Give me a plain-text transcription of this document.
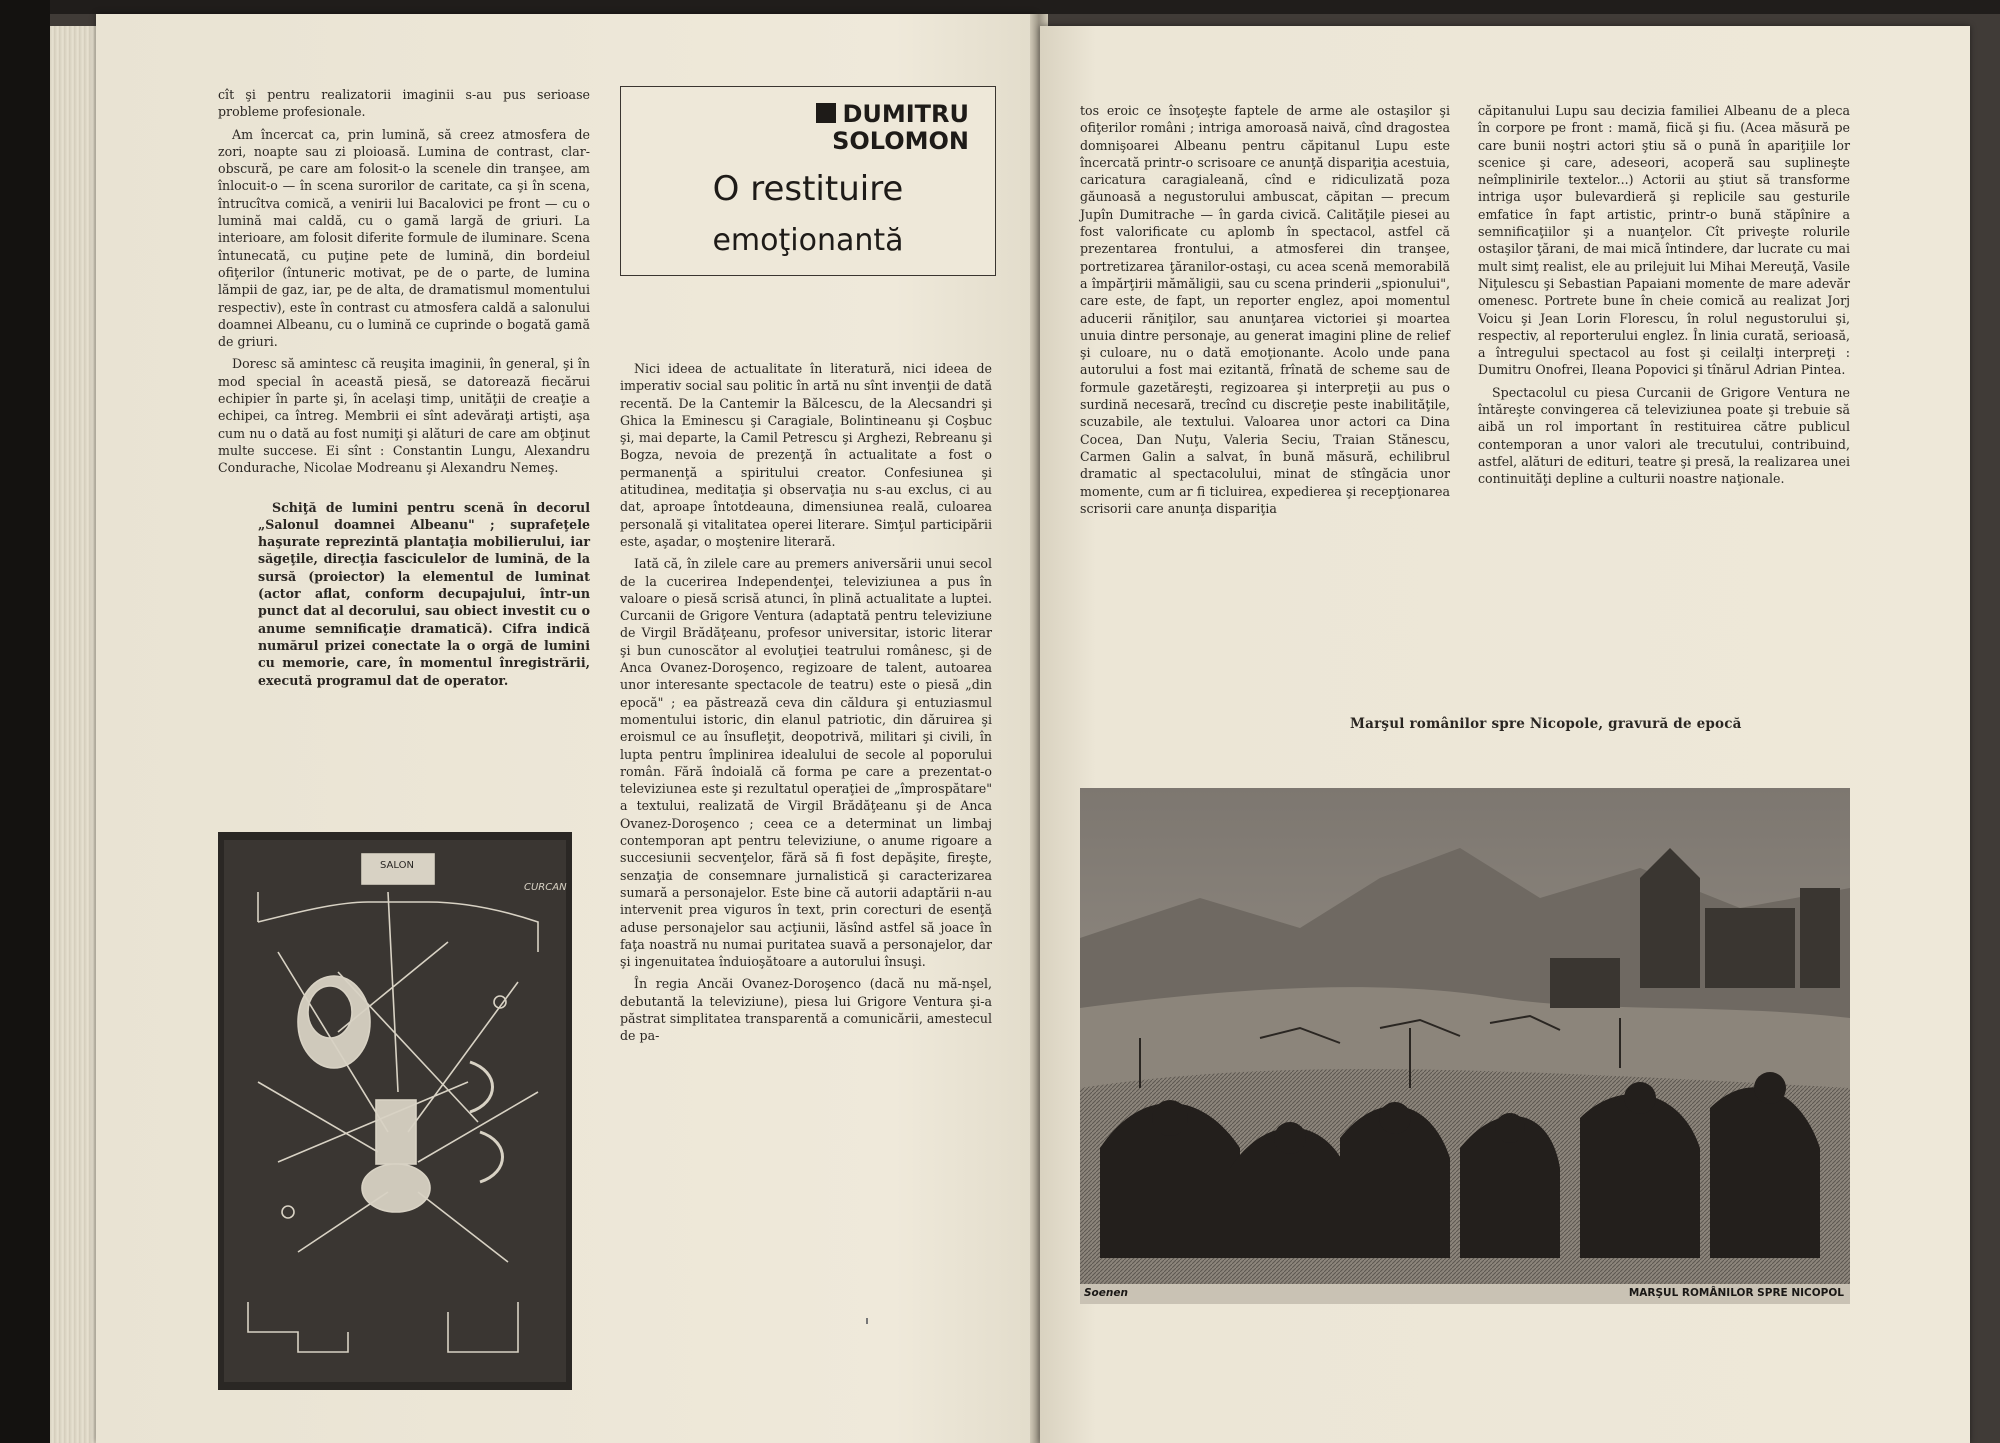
cît şi pentru realizatorii imaginii s-au pus serioase probleme profesionale.

Am încercat ca, prin lumină, să creez atmosfera de zori, noapte sau zi ploioasă. Lumina de contrast, clar-obscură, pe care am folosit-o la scenele din tranşee, am înlocuit-o — în scena surorilor de caritate, ca şi în scena, întrucîtva comică, a venirii lui Bacalovici pe front — cu o lumină mai caldă, cu o gamă largă de griuri. La interioare, am folosit diferite formule de iluminare. Scena întunecată, cu puţine pete de lumină, din bordeiul ofiţerilor (întuneric motivat, pe de o parte, de lumina lămpii de gaz, iar, pe de alta, de dramatismul momentului respectiv), este în contrast cu atmosfera caldă a salonului doamnei Albeanu, cu o lumină ce cuprinde o bogată gamă de griuri.

Doresc să amintesc că reuşita imaginii, în general, şi în mod special în această piesă, se datorează fiecărui echipier în parte şi, în acelaşi timp, unităţii de creaţie a echipei, ca întreg. Membrii ei sînt adevăraţi artişti, aşa cum nu o dată au fost numiţi şi alături de care am obţinut multe succese. Ei sînt : Constantin Lungu, Alexandru Condurache, Nicolae Modreanu şi Alexandru Nemeş.

Schiţă de lumini pentru scenă în decorul „Salonul doamnei Albeanu" ; suprafeţele haşurate reprezintă plantaţia mobilierului, iar săgeţile, direcţia fasciculelor de lumină, de la sursă (proiector) la elementul de luminat (actor aflat, conform decupajului, într-un punct dat al decorului, sau obiect investit cu o anume semnificaţie dramatică). Cifra indică numărul prizei conectate la o orgă de lumini cu memorie, care, în momentul înregistrării, execută programul dat de operator.
SALON
CURCAN
DUMITRU
SOLOMON
O restituire
emoţionantă

Nici ideea de actualitate în literatură, nici ideea de imperativ social sau politic în artă nu sînt invenţii de dată recentă. De la Cantemir la Bălcescu, de la Alecsandri şi Ghica la Eminescu şi Caragiale, Bolintineanu şi Coşbuc şi, mai departe, la Camil Petrescu şi Arghezi, Rebreanu şi Bogza, nevoia de prezenţă în actualitate a fost o permanenţă a spiritului creator. Confesiunea şi atitudinea, meditaţia şi observaţia nu s-au exclus, ci au dat, aproape întotdeauna, dimensiunea reală, culoarea personală şi vitalitatea operei literare. Simţul participării este, aşadar, o moştenire literară.

Iată că, în zilele care au premers aniversării unui secol de la cucerirea Independenţei, televiziunea a pus în valoare o piesă scrisă atunci, în plină actualitate a luptei. Curcanii de Grigore Ventura (adaptată pentru televiziune de Virgil Brădăţeanu, profesor universitar, istoric literar şi bun cunoscător al evoluţiei teatrului românesc, şi de Anca Ovanez-Doroşenco, regizoare de talent, autoarea unor interesante spectacole de teatru) este o piesă „din epocă" ; ea păstrează ceva din căldura şi entuziasmul momentului istoric, din elanul patriotic, din dăruirea şi eroismul ce au însufleţit, deopotrivă, militari şi civili, în lupta pentru împlinirea idealului de secole al poporului român. Fără îndoială că forma pe care a prezentat-o televiziunea este şi rezultatul operaţiei de „împrospătare" a textului, realizată de Virgil Brădăţeanu şi de Anca Ovanez-Doroşenco ; ceea ce a determinat un limbaj contemporan apt pentru televiziune, o anume rigoare a succesiunii secvenţelor, fără să fi fost depăşite, fireşte, senzaţia de consemnare jurnalistică şi caracterizarea sumară a personajelor. Este bine că autorii adaptării n-au intervenit prea viguros în text, prin corecturi de esenţă aduse personajelor sau acţiunii, lăsînd astfel să joace în faţa noastră nu numai puritatea suavă a personajelor, dar şi ingenuitatea înduioşătoare a autorului însuşi.

În regia Ancăi Ovanez-Doroşenco (dacă nu mă-nşel, debutantă la televiziune), piesa lui Grigore Ventura şi-a păstrat simplitatea transparentă a comunicării, amestecul de pa-

tos eroic ce însoţeşte faptele de arme ale ostaşilor şi ofiţerilor români ; intriga amoroasă naivă, cînd dragostea domnişoarei Albeanu pentru căpitanul Lupu este încercată printr-o scrisoare ce anunţă dispariţia acestuia, caricatura caragialeană, cînd e ridiculizată poza găunoasă a negustorului ambuscat, căpitan — precum Jupîn Dumitrache — în garda civică. Calităţile piesei au fost valorificate cu aplomb în spectacol, astfel că prezentarea frontului, a atmosferei din tranşee, portretizarea ţăranilor-ostaşi, cu acea scenă memorabilă a împărţirii mămăligii, sau cu scena prinderii „spionului", care este, de fapt, un reporter englez, apoi momentul aducerii răniţilor, sau anunţarea victoriei şi moartea unuia dintre personaje, au generat imagini pline de relief şi culoare, nu o dată emoţionante. Acolo unde pana autorului a fost mai ezitantă, frînată de scheme sau de formule gazetăreşti, regizoarea şi interpreţii au pus o surdină necesară, trecînd cu discreţie peste inabilităţile, scuzabile, ale textului. Valoarea unor actori ca Dina Cocea, Dan Nuţu, Valeria Seciu, Traian Stănescu, Carmen Galin a salvat, în bună măsură, echilibrul dramatic al spectacolului, minat de stîngăcia unor momente, cum ar fi ticluirea, expedierea şi recepţionarea scrisorii care anunţa dispariţia

căpitanului Lupu sau decizia familiei Albeanu de a pleca în corpore pe front : mamă, fiică şi fiu. (Acea măsură pe care bunii noştri actori ştiu să o pună în apariţiile lor scenice şi care, adeseori, acoperă sau suplineşte neîmplinirile textelor...) Actorii au ştiut să transforme intriga uşor bulevardieră şi replicile sau gesturile emfatice în fapt artistic, printr-o bună stăpînire a semnificaţiilor şi a nuanţelor. Cît priveşte rolurile ostaşilor ţărani, de mai mică întindere, dar lucrate cu mai mult simţ realist, ele au prilejuit lui Mihai Mereuţă, Vasile Niţulescu şi Sebastian Papaiani momente de mare adevăr omenesc. Portrete bune în cheie comică au realizat Jorj Voicu şi Jean Lorin Florescu, în rolul negustorului şi, respectiv, al reporterului englez. În linia curată, serioasă, a întregului spectacol au fost şi ceilalţi interpreţi : Dumitru Onofrei, Ileana Popovici şi tînărul Adrian Pintea.

Spectacolul cu piesa Curcanii de Grigore Ventura ne întăreşte convingerea că televiziunea poate şi trebuie să aibă un rol important în restituirea către publicul contemporan a unor valori ale trecutului, contribuind, astfel, alături de edituri, teatre şi presă, la realizarea unei continuităţi depline a culturii noastre naţionale.

Marşul românilor spre Nicopole, gravură de epocă
Soenen	MARŞUL ROMÂNILOR SPRE NICOPOL
